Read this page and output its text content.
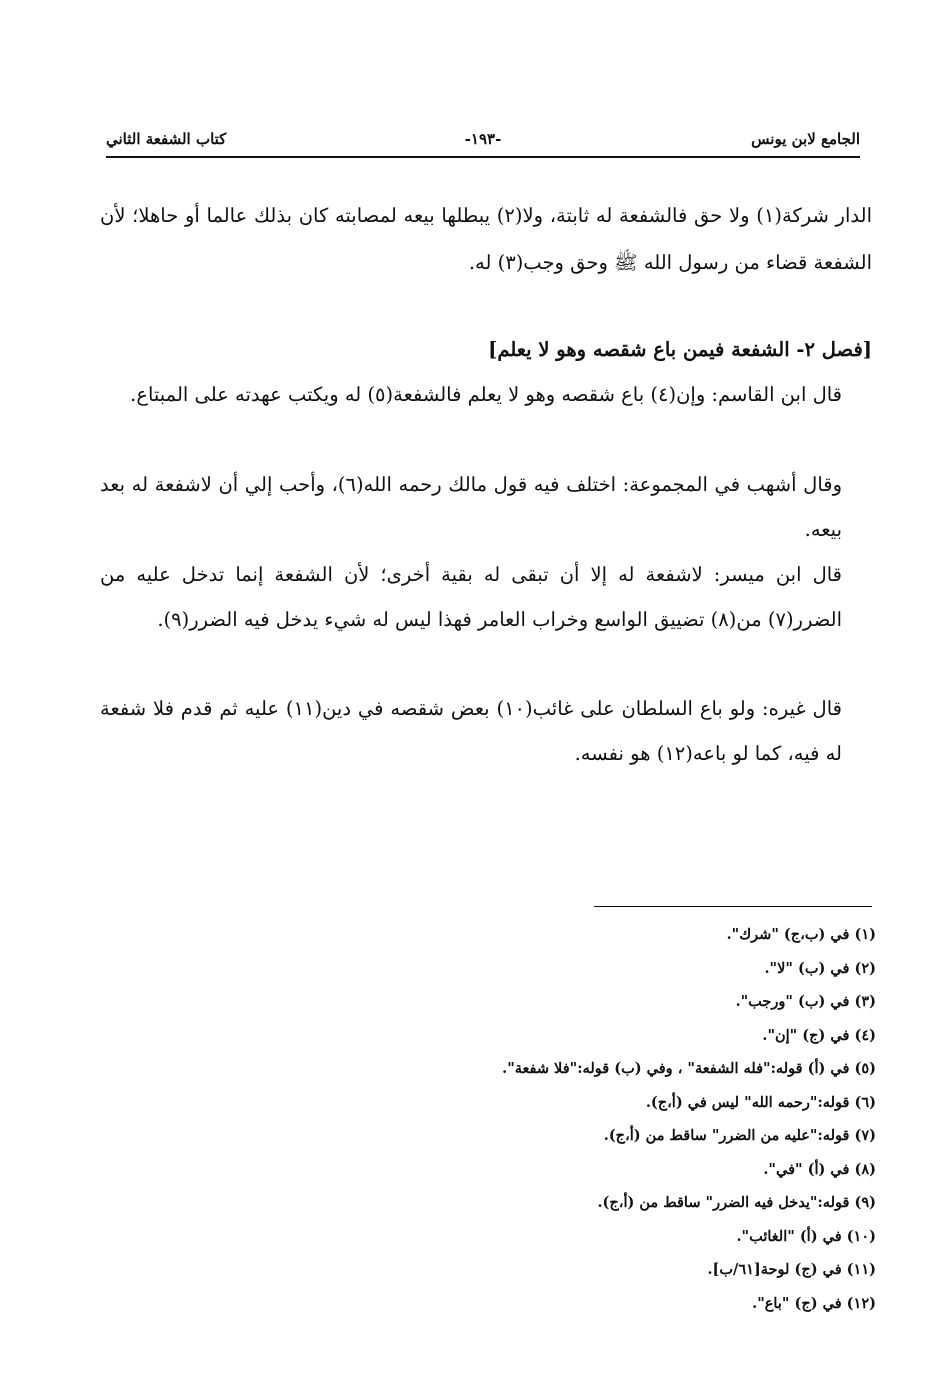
الجامع لابن يونس
-١٩٣-
كتاب الشفعة الثاني

الدار شركة(١) ولا حق فالشفعة له ثابتة، ولا(٢) يبطلها بيعه لمصابته كان بذلك عالما أو حاهلا؛ لأن الشفعة قضاء من رسول الله ﷺ وحق وجب(٣) له.

[فصل ٢- الشفعة فيمن باع شقصه وهو لا يعلم]

قال ابن القاسم: وإن(٤) باع شقصه وهو لا يعلم فالشفعة(٥) له ويكتب عهدته على المبتاع.

وقال أشهب في المجموعة: اختلف فيه قول مالك رحمه الله(٦)، وأحب إلي أن لاشفعة له بعد بيعه.

قال ابن ميسر: لاشفعة له إلا أن تبقى له بقية أخرى؛ لأن الشفعة إنما تدخل عليه من الضرر(٧) من(٨) تضييق الواسع وخراب العامر فهذا ليس له شيء يدخل فيه الضرر(٩).

قال غيره: ولو باع السلطان على غائب(١٠) بعض شقصه في دين(١١) عليه ثم قدم فلا شفعة له فيه، كما لو باعه(١٢) هو نفسه.

(١) في (ب،ج) "شرك".
(٢) في (ب) "لا".
(٣) في (ب) "ورجب".
(٤) في (ج) "إن".
(٥) في (أ) قوله:"فله الشفعة" ، وفي (ب) قوله:"فلا شفعة".
(٦) قوله:"رحمه الله" ليس في (أ،ج).
(٧) قوله:"عليه من الضرر" ساقط من (أ،ج).
(٨) في (أ) "في".
(٩) قوله:"يدخل فيه الضرر" ساقط من (أ،ج).
(١٠) في (أ) "الغائب".
(١١) في (ج) لوحة[٦١/ب].
(١٢) في (ج) "باع".
